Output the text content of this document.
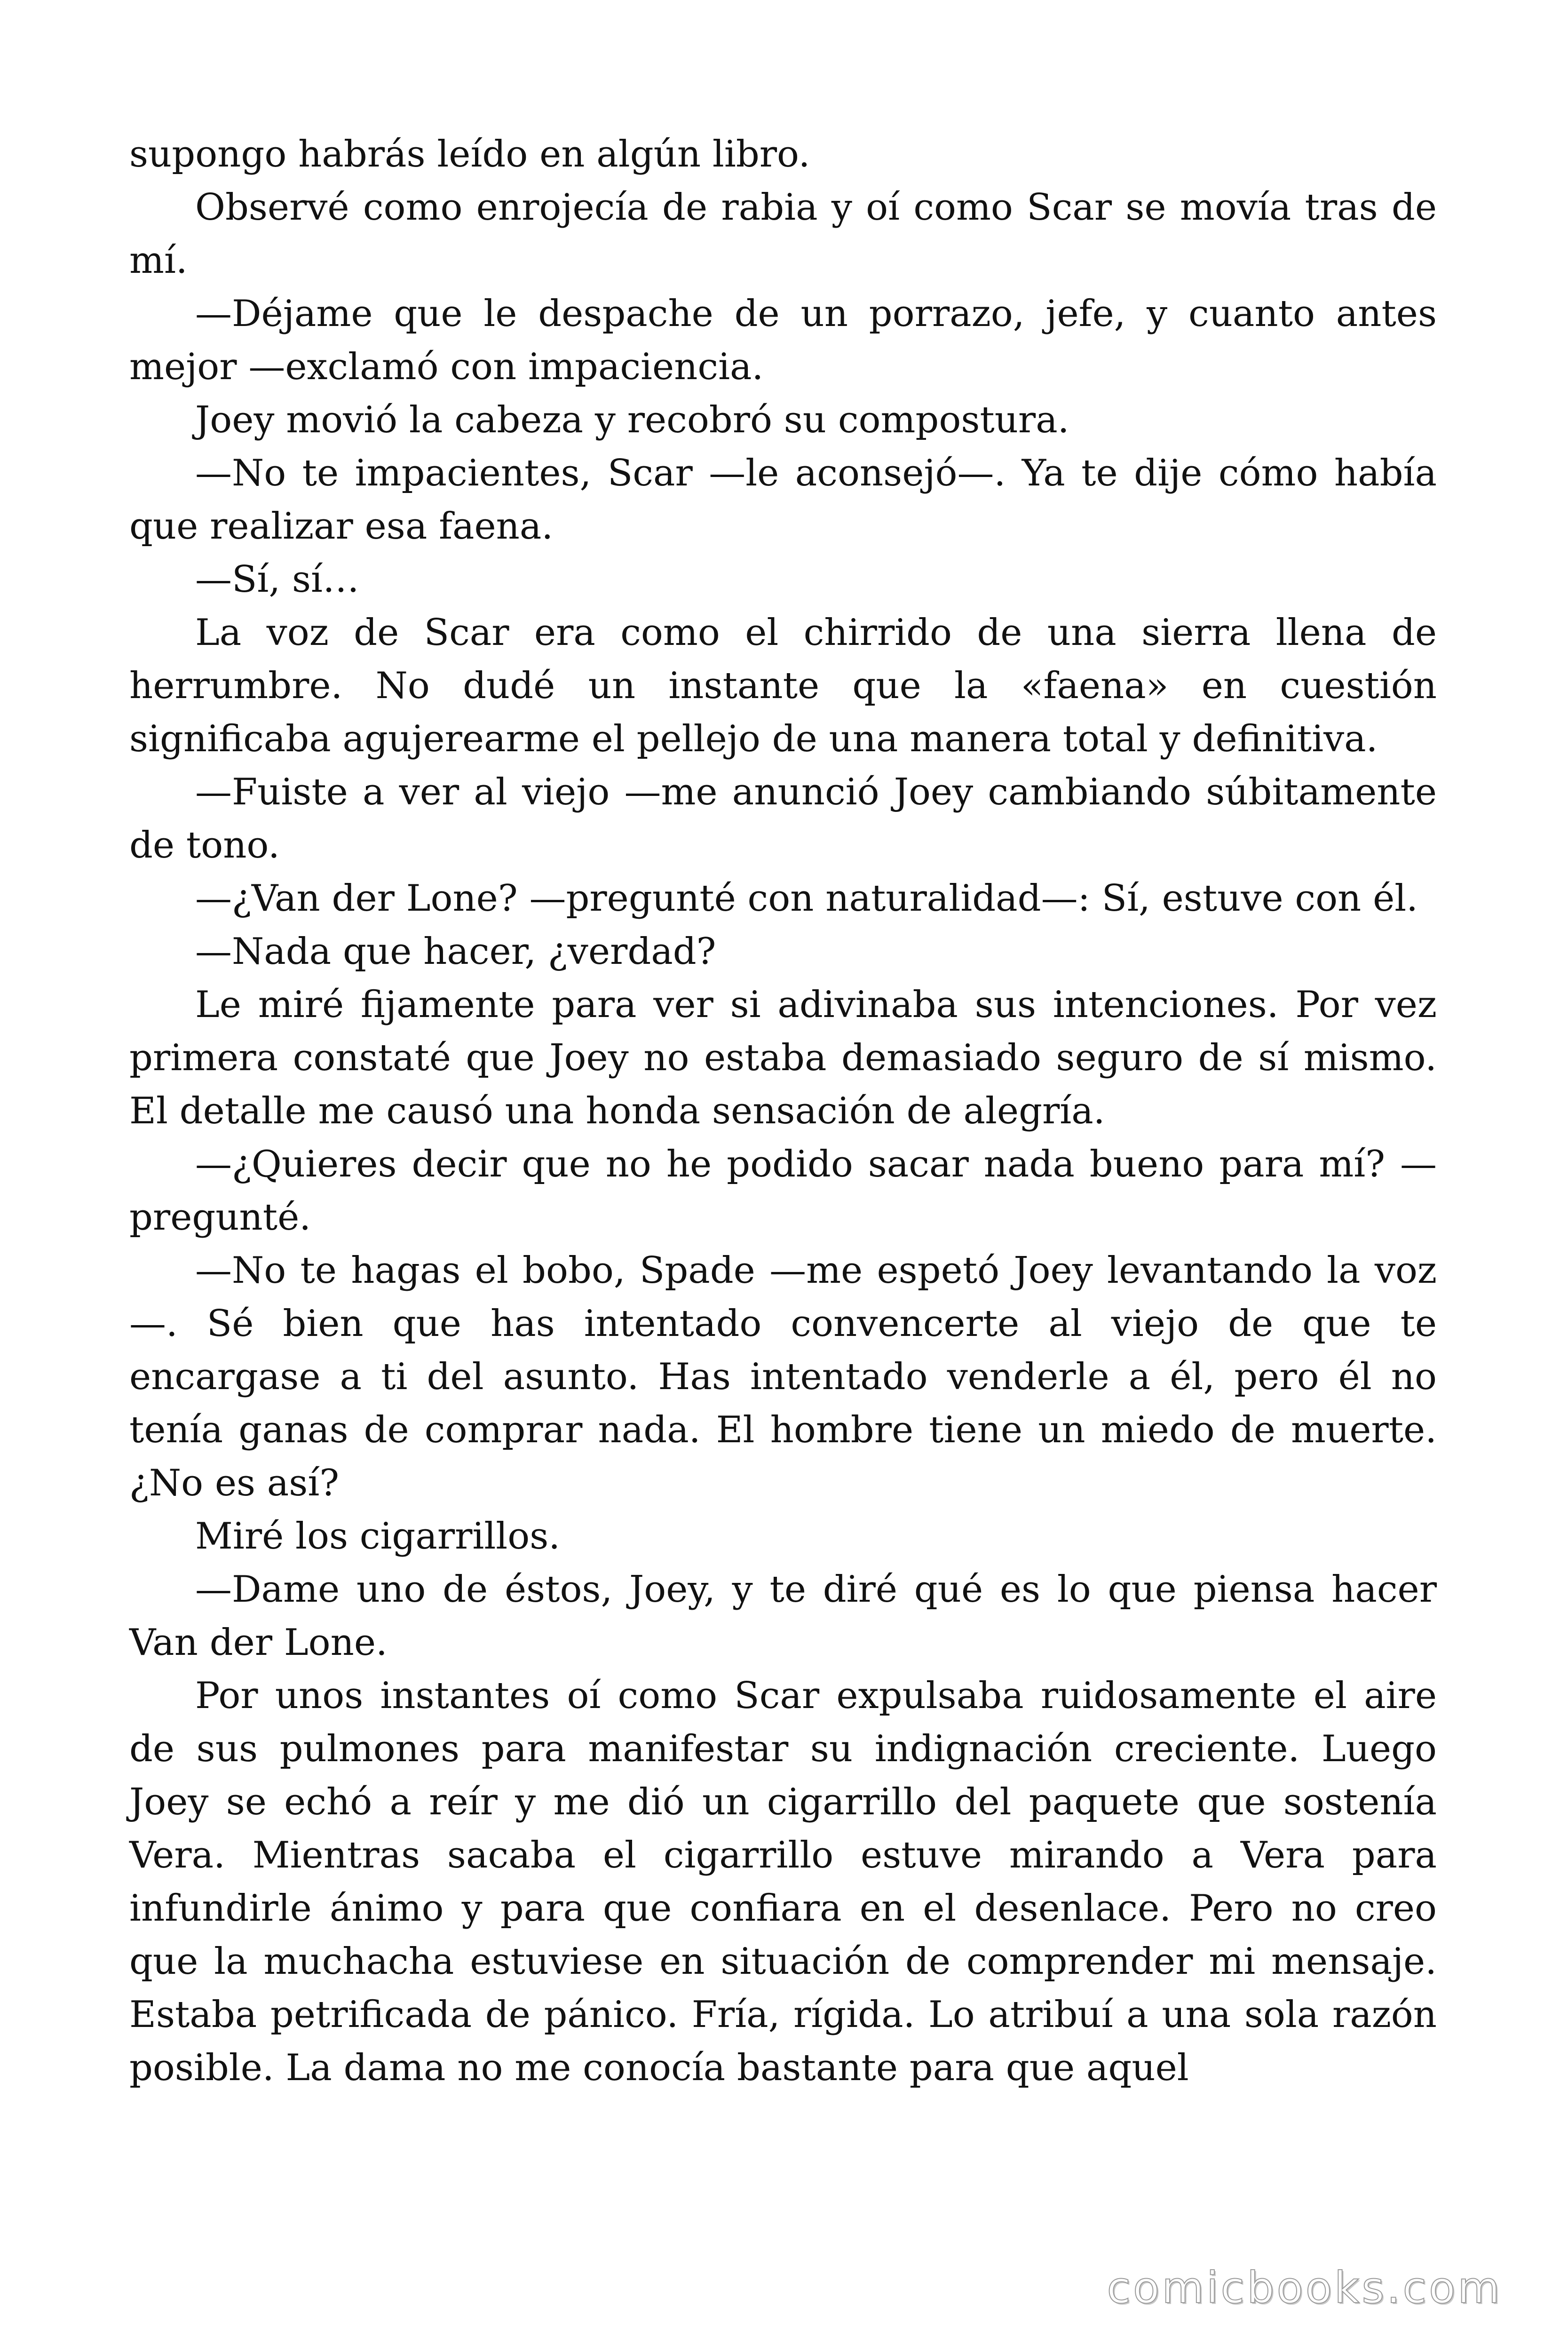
supongo habrás leído en algún libro.

Observé como enrojecía de rabia y oí como Scar se movía tras de mí.

—Déjame que le despache de un porrazo, jefe, y cuanto antes mejor —exclamó con impaciencia.

Joey movió la cabeza y recobró su compostura.

—No te impacientes, Scar —le aconsejó—. Ya te dije cómo había que realizar esa faena.

—Sí, sí…

La voz de Scar era como el chirrido de una sierra llena de herrumbre. No dudé un instante que la «faena» en cuestión significaba agujerearme el pellejo de una manera total y definitiva.

—Fuiste a ver al viejo —me anunció Joey cambiando súbitamente de tono.

—¿Van der Lone? —pregunté con naturalidad—: Sí, estuve con él.

—Nada que hacer, ¿verdad?

Le miré fijamente para ver si adivinaba sus intenciones. Por vez primera constaté que Joey no estaba demasiado seguro de sí mismo. El detalle me causó una honda sensación de alegría.

—¿Quieres decir que no he podido sacar nada bueno para mí? —pregunté.

—No te hagas el bobo, Spade —me espetó Joey levantando la voz—. Sé bien que has intentado convencerte al viejo de que te encargase a ti del asunto. Has intentado venderle a él, pero él no tenía ganas de comprar nada. El hombre tiene un miedo de muerte. ¿No es así?

Miré los cigarrillos.

—Dame uno de éstos, Joey, y te diré qué es lo que piensa hacer Van der Lone.

Por unos instantes oí como Scar expulsaba ruidosamente el aire de sus pulmones para manifestar su indignación creciente. Luego Joey se echó a reír y me dió un cigarrillo del paquete que sostenía Vera. Mientras sacaba el cigarrillo estuve mirando a Vera para infundirle ánimo y para que confiara en el desenlace. Pero no creo que la muchacha estuviese en situación de comprender mi mensaje. Estaba petrificada de pánico. Fría, rígida. Lo atribuí a una sola razón posible. La dama no me conocía bastante para que aquel

comicbooks.com
